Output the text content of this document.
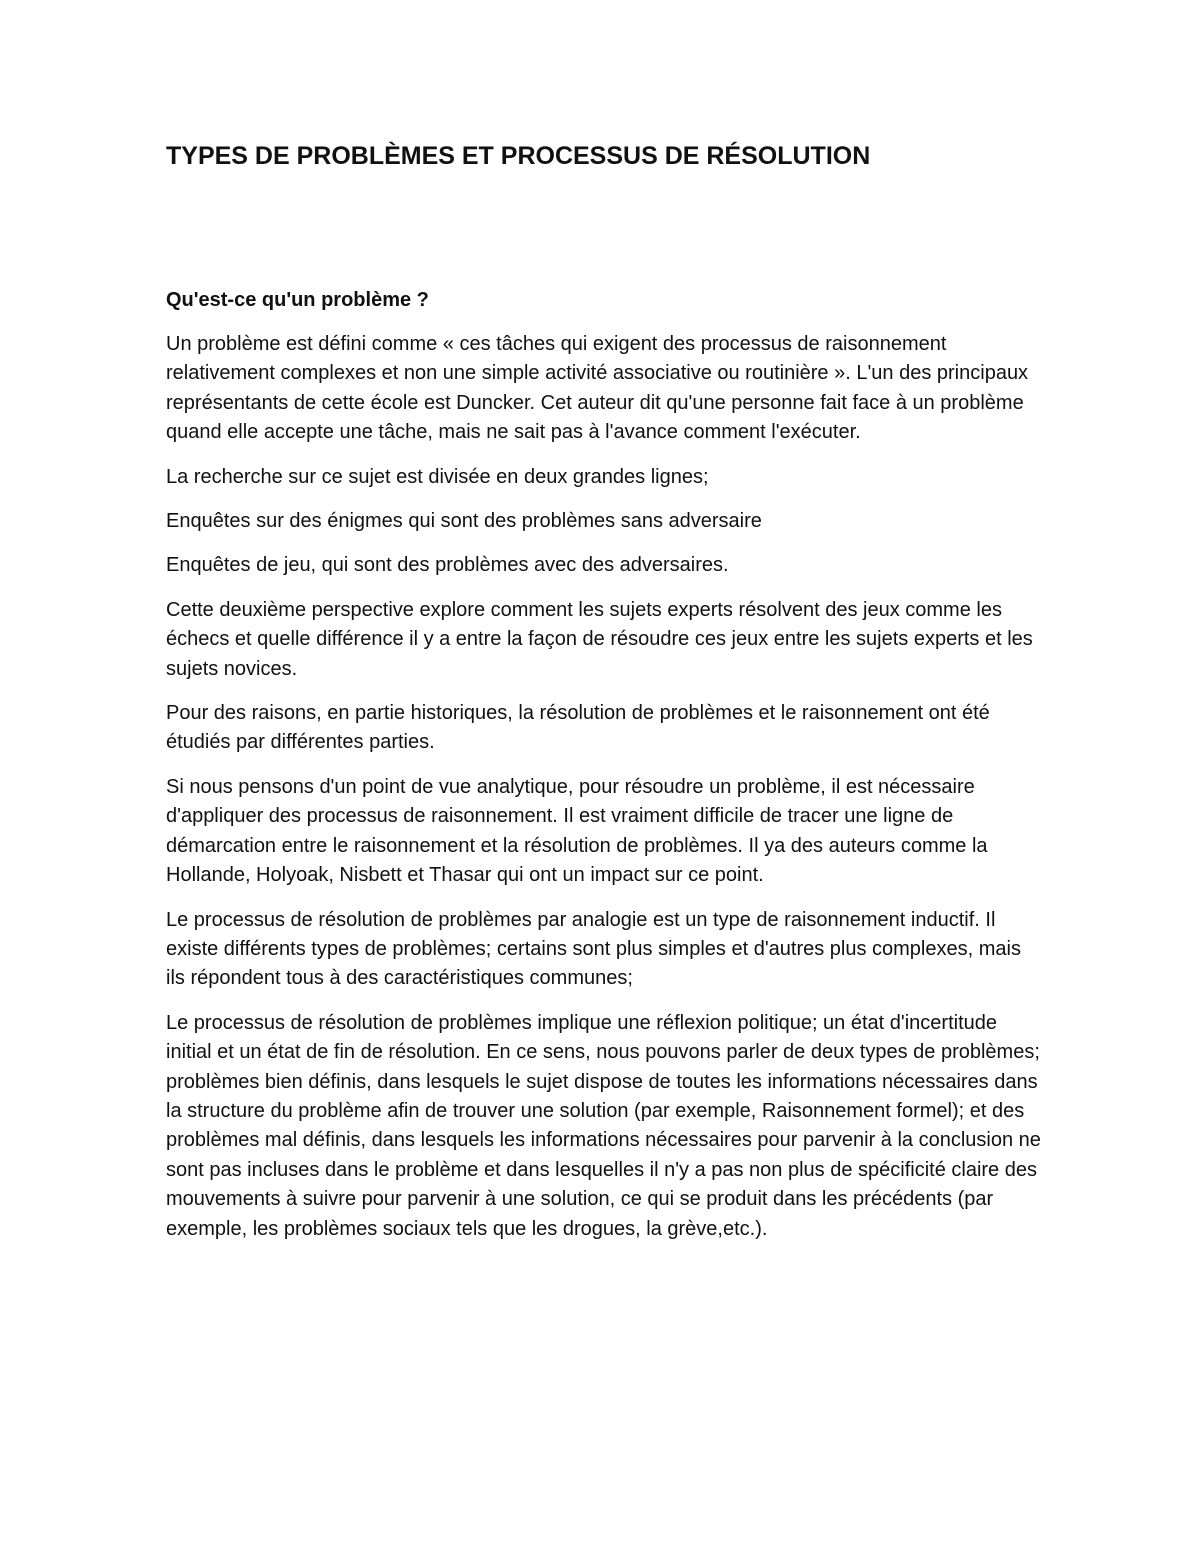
TYPES DE PROBLÈMES ET PROCESSUS DE RÉSOLUTION
Qu'est-ce qu'un problème ?

Un problème est défini comme « ces tâches qui exigent des processus de raisonnement relativement complexes et non une simple activité associative ou routinière ». L'un des principaux représentants de cette école est Duncker. Cet auteur dit qu'une personne fait face à un problème quand elle accepte une tâche, mais ne sait pas à l'avance comment l'exécuter.

La recherche sur ce sujet est divisée en deux grandes lignes;

Enquêtes sur des énigmes qui sont des problèmes sans adversaire

Enquêtes de jeu, qui sont des problèmes avec des adversaires.

Cette deuxième perspective explore comment les sujets experts résolvent des jeux comme les échecs et quelle différence il y a entre la façon de résoudre ces jeux entre les sujets experts et les sujets novices.

Pour des raisons, en partie historiques, la résolution de problèmes et le raisonnement ont été étudiés par différentes parties.

Si nous pensons d'un point de vue analytique, pour résoudre un problème, il est nécessaire d'appliquer des processus de raisonnement. Il est vraiment difficile de tracer une ligne de démarcation entre le raisonnement et la résolution de problèmes. Il ya des auteurs comme la Hollande, Holyoak, Nisbett et Thasar qui ont un impact sur ce point.

Le processus de résolution de problèmes par analogie est un type de raisonnement inductif. Il existe différents types de problèmes; certains sont plus simples et d'autres plus complexes, mais ils répondent tous à des caractéristiques communes;

Le processus de résolution de problèmes implique une réflexion politique; un état d'incertitude initial et un état de fin de résolution. En ce sens, nous pouvons parler de deux types de problèmes; problèmes bien définis, dans lesquels le sujet dispose de toutes les informations nécessaires dans la structure du problème afin de trouver une solution (par exemple, Raisonnement formel); et des problèmes mal définis, dans lesquels les informations nécessaires pour parvenir à la conclusion ne sont pas incluses dans le problème et dans lesquelles il n'y a pas non plus de spécificité claire des mouvements à suivre pour parvenir à une solution, ce qui se produit dans les précédents (par exemple, les problèmes sociaux tels que les drogues, la grève,etc.).
